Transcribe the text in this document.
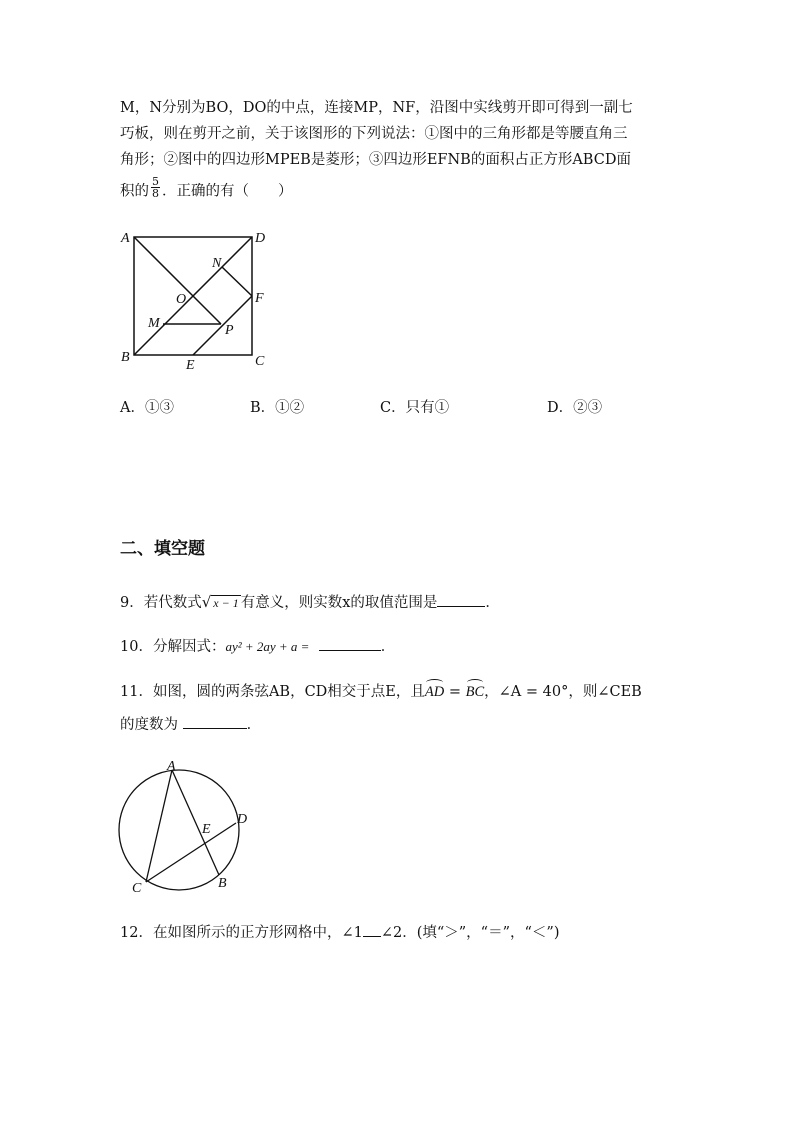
M，N分别为BO，DO的中点，连接MP，NF，沿图中实线剪开即可得到一副七
巧板，则在剪开之前，关于该图形的下列说法：①图中的三角形都是等腰直角三
角形；②图中的四边形MPEB是菱形；③四边形EFNB的面积占正方形ABCD面
积的 $\frac{5}{8}$ ．正确的有（　　）
A	D
N
O	F
M	P
B
E	C
A．①③	B．①②	C．只有①	D．②③
二、填空题
9．若代数式√ x − 1 有意义，则实数x的取值范围是	．
10．分解因式：ay² + 2ay + a =	．
11．如图，圆的两条弦AB，CD相交于点E，且AD = BC，∠A = 40°，则∠CEB
的度数为	．
A
D
E
C	B
12．在如图所示的正方形网格中，∠1 ∠2．(填“＞”，“＝”，“＜”)
